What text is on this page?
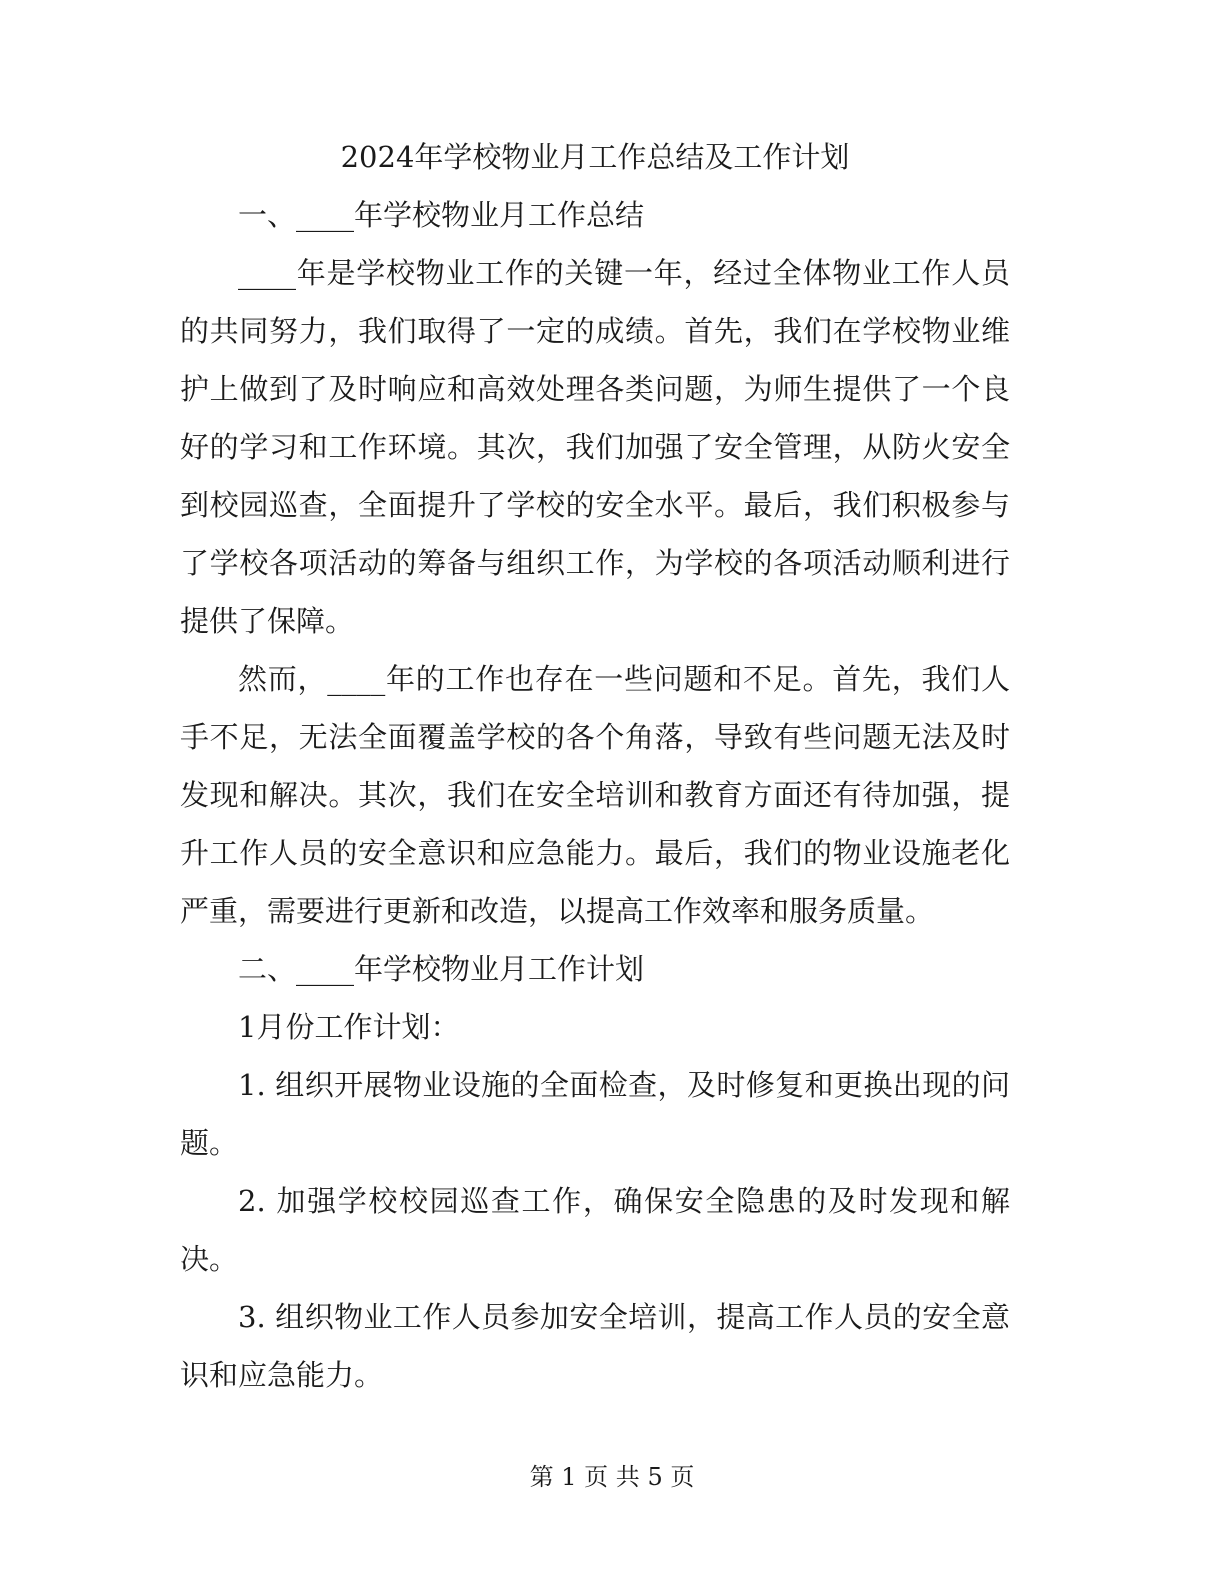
2024年学校物业月工作总结及工作计划

一、____年学校物业月工作总结

____年是学校物业工作的关键一年，经过全体物业工作人员的共同努力，我们取得了一定的成绩。首先，我们在学校物业维护上做到了及时响应和高效处理各类问题，为师生提供了一个良好的学习和工作环境。其次，我们加强了安全管理，从防火安全到校园巡查，全面提升了学校的安全水平。最后，我们积极参与了学校各项活动的筹备与组织工作，为学校的各项活动顺利进行提供了保障。

然而，____年的工作也存在一些问题和不足。首先，我们人手不足，无法全面覆盖学校的各个角落，导致有些问题无法及时发现和解决。其次，我们在安全培训和教育方面还有待加强，提升工作人员的安全意识和应急能力。最后，我们的物业设施老化严重，需要进行更新和改造，以提高工作效率和服务质量。

二、____年学校物业月工作计划

1月份工作计划：

1. 组织开展物业设施的全面检查，及时修复和更换出现的问题。

2. 加强学校校园巡查工作，确保安全隐患的及时发现和解决。

3. 组织物业工作人员参加安全培训，提高工作人员的安全意识和应急能力。

第 1 页 共 5 页
